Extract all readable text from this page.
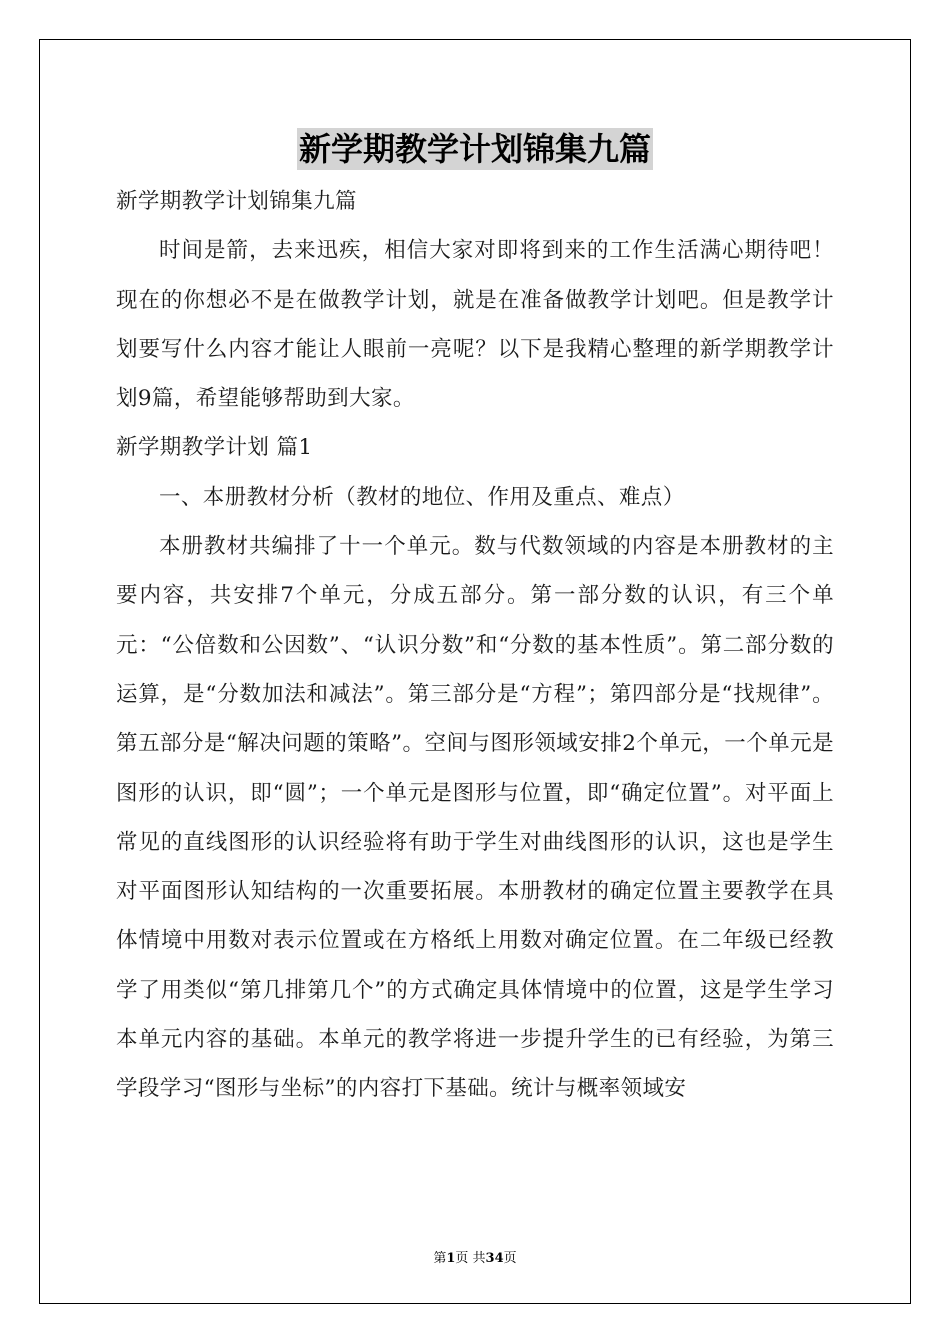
新学期教学计划锦集九篇

新学期教学计划锦集九篇

时间是箭，去来迅疾，相信大家对即将到来的工作生活满心期待吧！现在的你想必不是在做教学计划，就是在准备做教学计划吧。但是教学计划要写什么内容才能让人眼前一亮呢？以下是我精心整理的新学期教学计划9篇，希望能够帮助到大家。

新学期教学计划 篇1

一、本册教材分析（教材的地位、作用及重点、难点）

本册教材共编排了十一个单元。数与代数领域的内容是本册教材的主要内容，共安排7个单元，分成五部分。第一部分数的认识，有三个单元：“公倍数和公因数”、“认识分数”和“分数的基本性质”。第二部分数的运算，是“分数加法和减法”。第三部分是“方程”；第四部分是“找规律”。第五部分是“解决问题的策略”。空间与图形领域安排2个单元，一个单元是图形的认识，即“圆”；一个单元是图形与位置，即“确定位置”。对平面上常见的直线图形的认识经验将有助于学生对曲线图形的认识，这也是学生对平面图形认知结构的一次重要拓展。本册教材的确定位置主要教学在具体情境中用数对表示位置或在方格纸上用数对确定位置。在二年级已经教学了用类似“第几排第几个”的方式确定具体情境中的位置，这是学生学习本单元内容的基础。本单元的教学将进一步提升学生的已有经验，为第三学段学习“图形与坐标”的内容打下基础。统计与概率领域安

第1页 共34页
